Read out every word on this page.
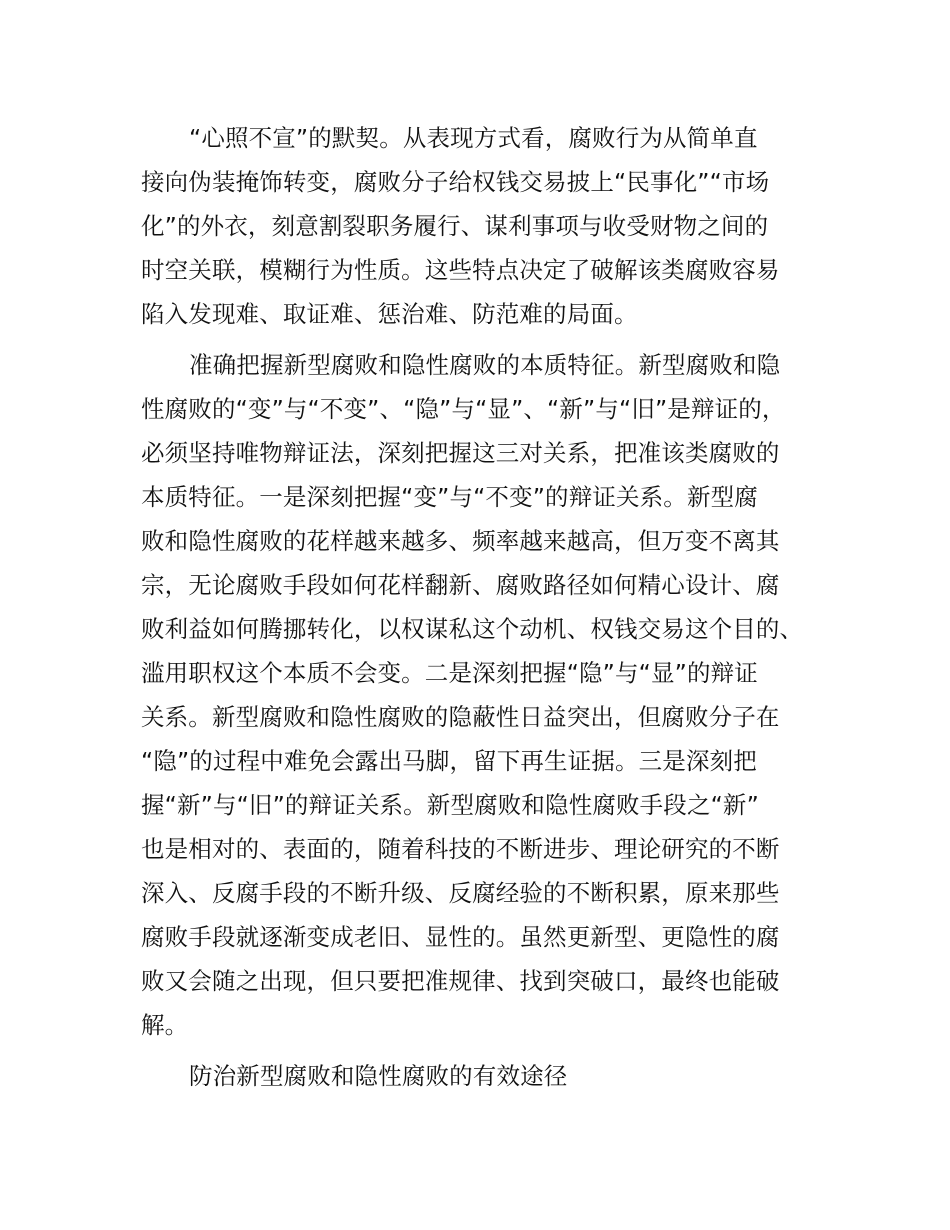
“心照不宣”的默契。从表现方式看，腐败行为从简单直
接向伪装掩饰转变，腐败分子给权钱交易披上“民事化”“市场
化”的外衣，刻意割裂职务履行、谋利事项与收受财物之间的
时空关联，模糊行为性质。这些特点决定了破解该类腐败容易
陷入发现难、取证难、惩治难、防范难的局面。
准确把握新型腐败和隐性腐败的本质特征。新型腐败和隐
性腐败的“变”与“不变”、“隐”与“显”、“新”与“旧”是辩证的，
必须坚持唯物辩证法，深刻把握这三对关系，把准该类腐败的
本质特征。一是深刻把握“变”与“不变”的辩证关系。新型腐
败和隐性腐败的花样越来越多、频率越来越高，但万变不离其
宗，无论腐败手段如何花样翻新、腐败路径如何精心设计、腐
败利益如何腾挪转化，以权谋私这个动机、权钱交易这个目的、
滥用职权这个本质不会变。二是深刻把握“隐”与“显”的辩证
关系。新型腐败和隐性腐败的隐蔽性日益突出，但腐败分子在
“隐”的过程中难免会露出马脚，留下再生证据。三是深刻把
握“新”与“旧”的辩证关系。新型腐败和隐性腐败手段之“新”
也是相对的、表面的，随着科技的不断进步、理论研究的不断
深入、反腐手段的不断升级、反腐经验的不断积累，原来那些
腐败手段就逐渐变成老旧、显性的。虽然更新型、更隐性的腐
败又会随之出现，但只要把准规律、找到突破口，最终也能破
解。
防治新型腐败和隐性腐败的有效途径
